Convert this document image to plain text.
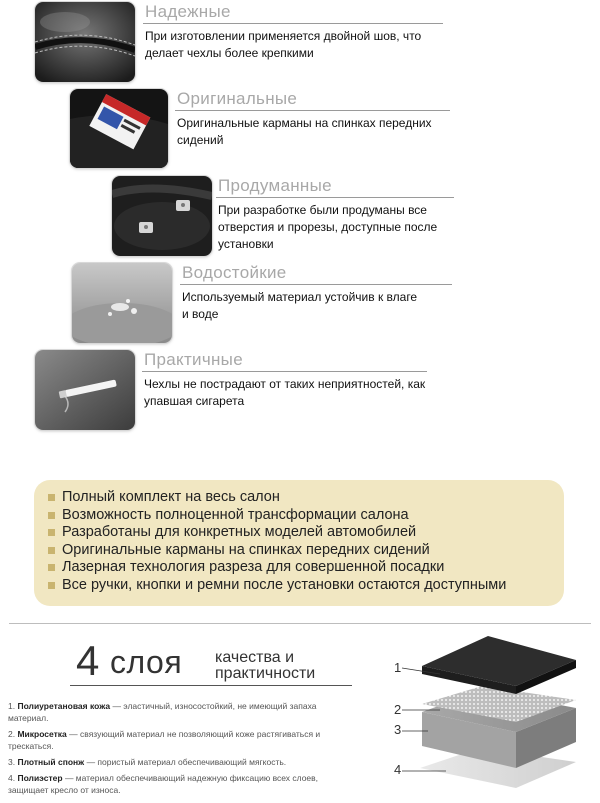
Надежные
При изготовлении применяется двойной шов, что делает чехлы более крепкими
Оригинальные
Оригинальные карманы на спинках передних сидений
Продуманные
При разработке были продуманы все отверстия и прорезы, доступные после установки
Водостойкие
Используемый материал устойчив к влаге и воде
Практичные
Чехлы не пострадают от таких неприятностей, как упавшая сигарета
Полный комплект на весь салон
Возможность полноценной трансформации салона
Разработаны для конкретных моделей автомобилей
Оригинальные карманы на спинках передних сидений
Лазерная технология разреза для совершенной посадки
Все ручки, кнопки и ремни после установки остаются доступными
4 слоя качества и
практичности
1. Полиуретановая кожа — эластичный, износостойкий, не имеющий запаха материал.
2. Микросетка — связующий материал не позволяющий коже растягиваться и трескаться.
3. Плотный спонж — пористый материал обеспечивающий мягкость.
4. Полиэстер — материал обеспечивающий надежную фиксацию всех слоев, защищает кресло от износа.
1
2
3
4
